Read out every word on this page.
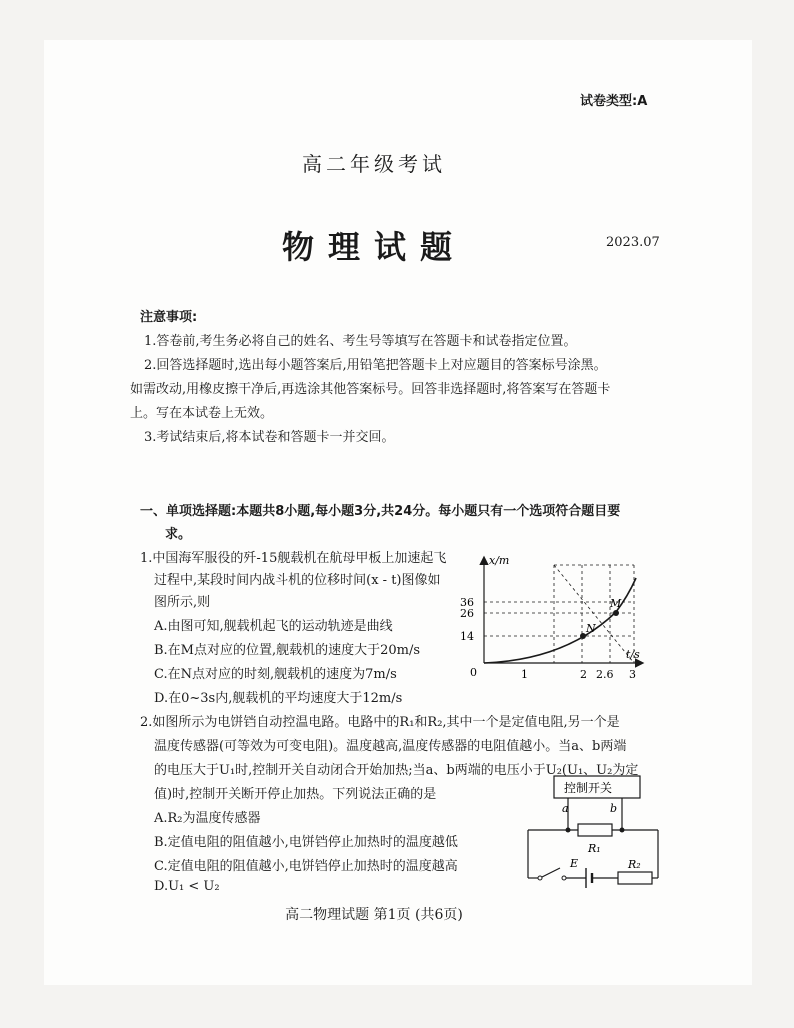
试卷类型:A
高二年级考试
物理试题	2023.07
注意事项:
1.答卷前,考生务必将自己的姓名、考生号等填写在答题卡和试卷指定位置。
2.回答选择题时,选出每小题答案后,用铅笔把答题卡上对应题目的答案标号涂黑。
如需改动,用橡皮擦干净后,再选涂其他答案标号。回答非选择题时,将答案写在答题卡
上。写在本试卷上无效。
3.考试结束后,将本试卷和答题卡一并交回。
一、单项选择题:本题共8小题,每小题3分,共24分。每小题只有一个选项符合题目要
求。
1.中国海军服役的歼-15舰载机在航母甲板上加速起飞
过程中,某段时间内战斗机的位移时间(x - t)图像如
图所示,则
A.由图可知,舰载机起飞的运动轨迹是曲线
B.在M点对应的位置,舰载机的速度大于20m/s
C.在N点对应的时刻,舰载机的速度为7m/s
D.在0~3s内,舰载机的平均速度大于12m/s
x/m
t/s
0
36
26
14
1	2 2.6 3
N
M
2.如图所示为电饼铛自动控温电路。电路中的R₁和R₂,其中一个是定值电阻,另一个是
温度传感器(可等效为可变电阻)。温度越高,温度传感器的电阻值越小。当a、b两端
的电压大于U₁时,控制开关自动闭合开始加热;当a、b两端的电压小于U₂(U₁、U₂为定
值)时,控制开关断开停止加热。下列说法正确的是
A.R₂为温度传感器
B.定值电阻的阻值越小,电饼铛停止加热时的温度越低
C.定值电阻的阻值越小,电饼铛停止加热时的温度越高
D.U₁ < U₂
控制开关
a	b
R₁
E	R₂
高二物理试题 第1页 (共6页)
